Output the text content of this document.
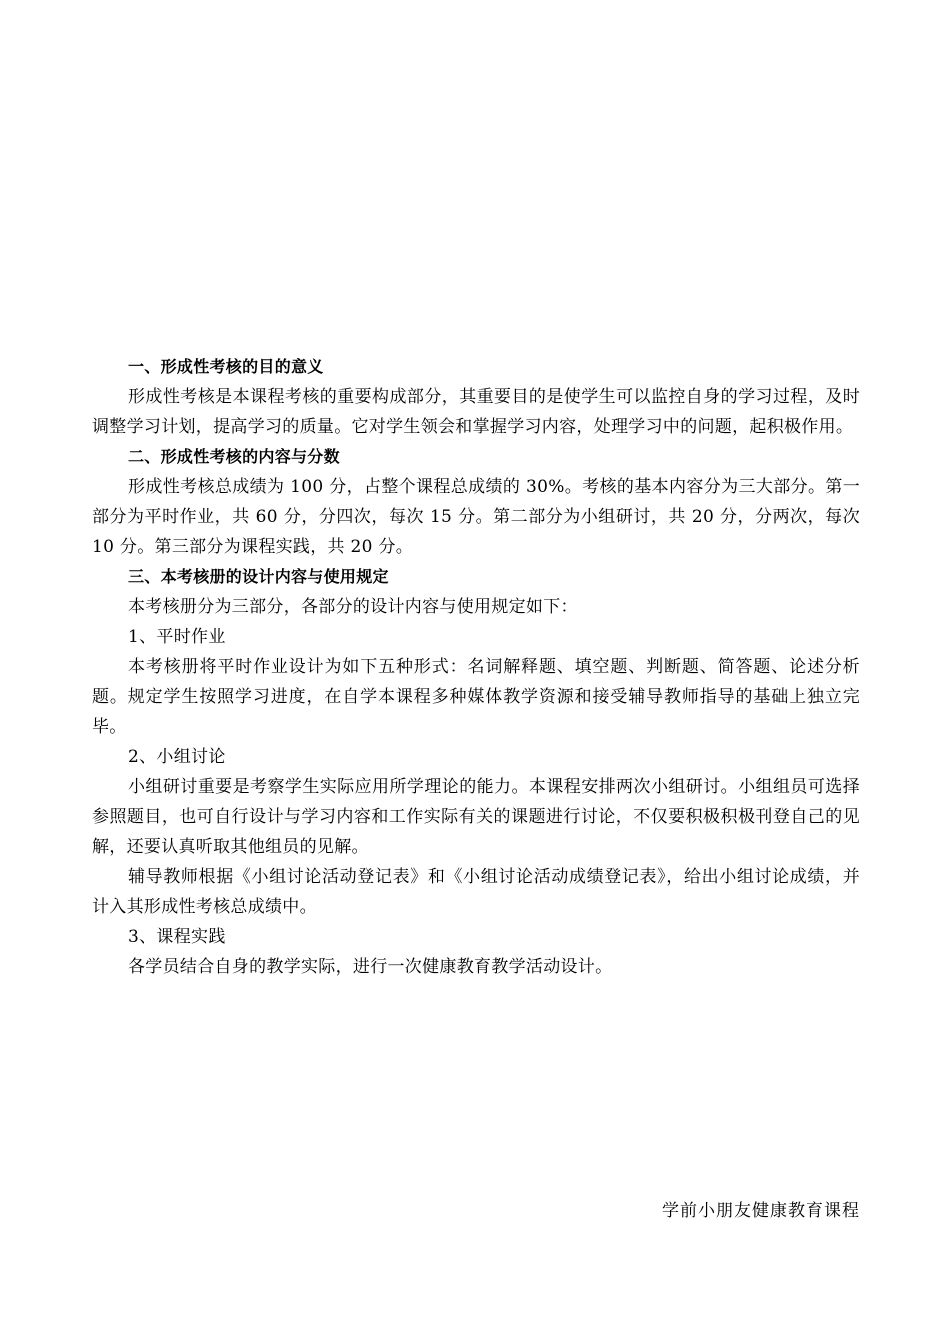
一、形成性考核的目的意义

形成性考核是本课程考核的重要构成部分，其重要目的是使学生可以监控自身的学习过程，及时调整学习计划，提高学习的质量。它对学生领会和掌握学习内容，处理学习中的问题，起积极作用。

二、形成性考核的内容与分数

形成性考核总成绩为 100 分，占整个课程总成绩的 30%。考核的基本内容分为三大部分。第一部分为平时作业，共 60 分，分四次，每次 15 分。第二部分为小组研讨，共 20 分，分两次，每次 10 分。第三部分为课程实践，共 20 分。

三、本考核册的设计内容与使用规定

本考核册分为三部分，各部分的设计内容与使用规定如下：

1、平时作业

本考核册将平时作业设计为如下五种形式：名词解释题、填空题、判断题、简答题、论述分析题。规定学生按照学习进度，在自学本课程多种媒体教学资源和接受辅导教师指导的基础上独立完毕。

2、小组讨论

小组研讨重要是考察学生实际应用所学理论的能力。本课程安排两次小组研讨。小组组员可选择参照题目，也可自行设计与学习内容和工作实际有关的课题进行讨论，不仅要积极积极刊登自己的见解，还要认真听取其他组员的见解。

辅导教师根据《小组讨论活动登记表》和《小组讨论活动成绩登记表》，给出小组讨论成绩，并计入其形成性考核总成绩中。

3、课程实践

各学员结合自身的教学实际，进行一次健康教育教学活动设计。

学前小朋友健康教育课程
